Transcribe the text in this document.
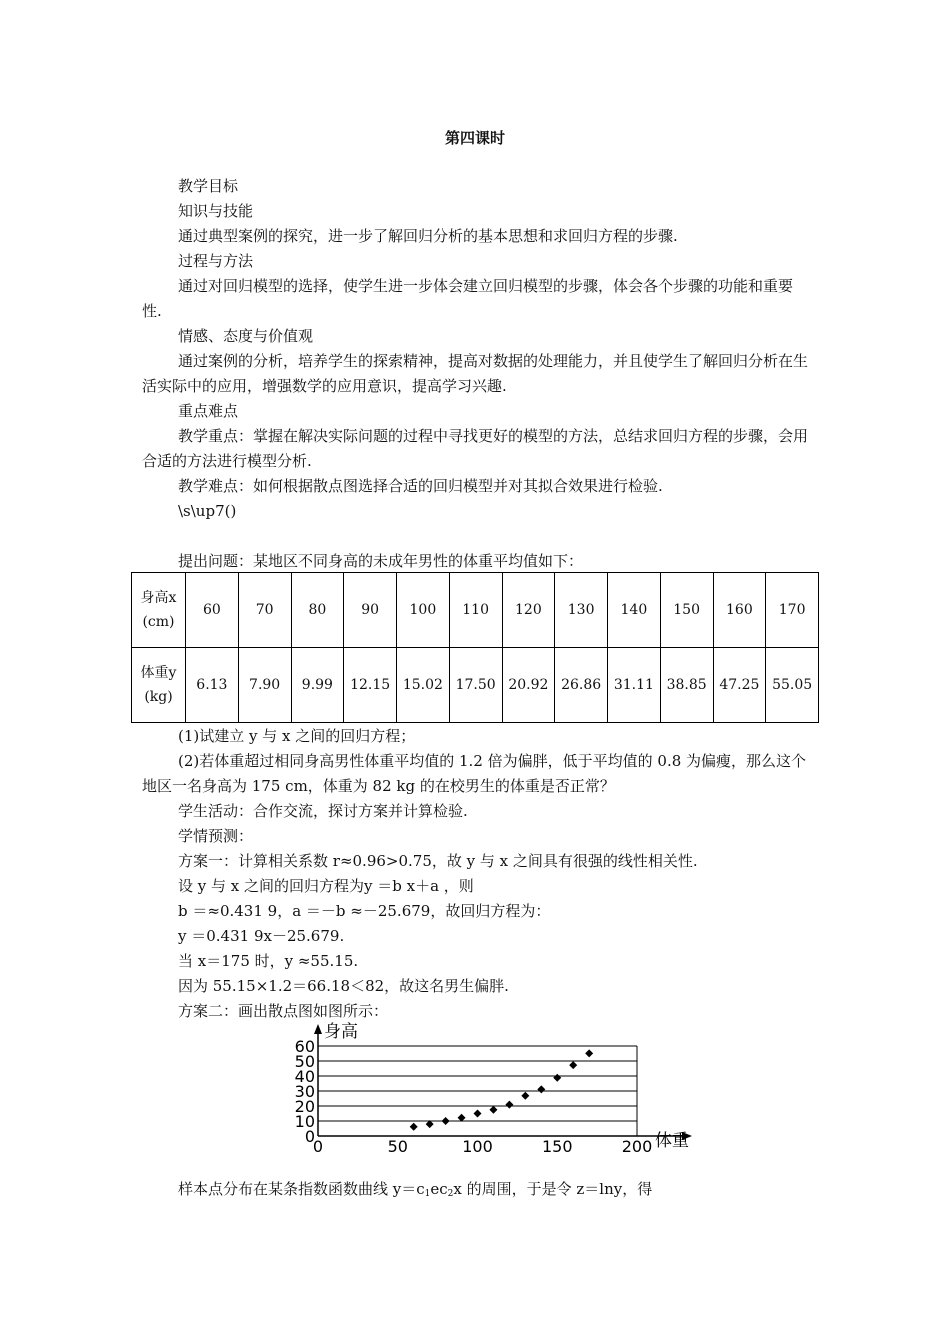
第四课时

教学目标

知识与技能

通过典型案例的探究，进一步了解回归分析的基本思想和求回归方程的步骤.

过程与方法

通过对回归模型的选择，使学生进一步体会建立回归模型的步骤，体会各个步骤的功能和重要性.

情感、态度与价值观

通过案例的分析，培养学生的探索精神，提高对数据的处理能力，并且使学生了解回归分析在生活实际中的应用，增强数学的应用意识，提高学习兴趣.

重点难点

教学重点：掌握在解决实际问题的过程中寻找更好的模型的方法，总结求回归方程的步骤，会用合适的方法进行模型分析.

教学难点：如何根据散点图选择合适的回归模型并对其拟合效果进行检验.

\s\up7()

提出问题：某地区不同身高的未成年男性的体重平均值如下：

身高x(cm)	60	70	80	90	100	110	120	130	140	150	160	170
体重y(kg)	6.13	7.90	9.99	12.15	15.02	17.50	20.92	26.86	31.11	38.85	47.25	55.05

(1)试建立 y 与 x 之间的回归方程；

(2)若体重超过相同身高男性体重平均值的 1.2 倍为偏胖，低于平均值的 0.8 为偏瘦，那么这个地区一名身高为 175 cm，体重为 82 kg 的在校男生的体重是否正常？

学生活动：合作交流，探讨方案并计算检验.

学情预测：

方案一：计算相关系数 r≈0.96>0.75，故 y 与 x 之间具有很强的线性相关性.

设 y 与 x 之间的回归方程为y ＝b x＋a ，则

b ＝≈0.431 9，a ＝－b ≈－25.679，故回归方程为：

y ＝0.431 9x－25.679.

当 x＝175 时，y ≈55.15.

因为 55.15×1.2＝66.18＜82，故这名男生偏胖.

方案二：画出散点图如图所示：

0
10
20
30
40
50
60
0	50	100	150	200
身高
体重

样本点分布在某条指数函数曲线 $y=c_1ec_2x$ 的周围，于是令 z＝lny，得
